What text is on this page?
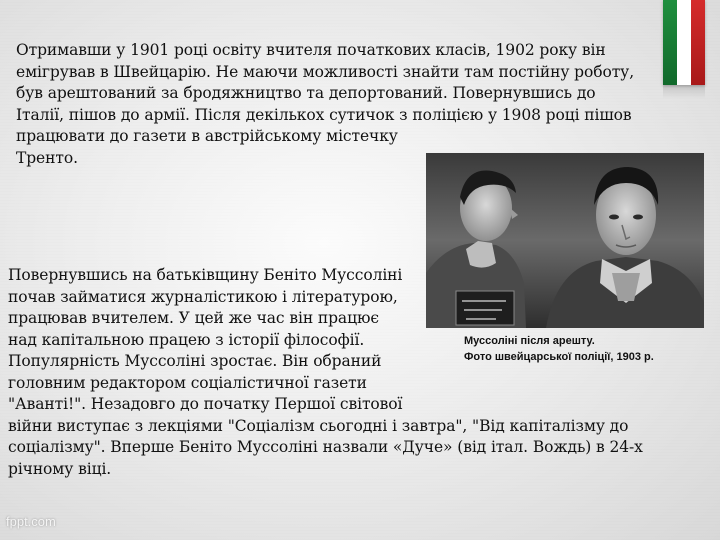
Отримавши у 1901 році освіту вчителя початкових класів, 1902 року він
емігрував в Швейцарію. Не маючи можливості знайти там постійну роботу,
був арештований за бродяжництво та депортований. Повернувшись до
Італії, пішов до армії. Після декількох сутичок з поліцією у 1908 році пішов
працювати до газети в австрійському містечку
Тренто.

Муссоліні після арешту.
Фото швейцарської поліції, 1903 р.

Повернувшись на батьківщину Беніто Муссоліні
почав займатися журналістикою і літературою,
працював вчителем. У цей же час він працює
над капітальною працею з історії філософії.
Популярність Муссоліні зростає. Він обраний
головним редактором соціалістичної газети
"Аванті!". Незадовго до початку Першої світової
війни виступає з лекціями "Соціалізм сьогодні і завтра", "Від капіталізму до
соціалізму". Вперше Беніто Муссоліні назвали «Дуче» (від італ. Вождь) в 24-х
річному віці.

fppt.com
